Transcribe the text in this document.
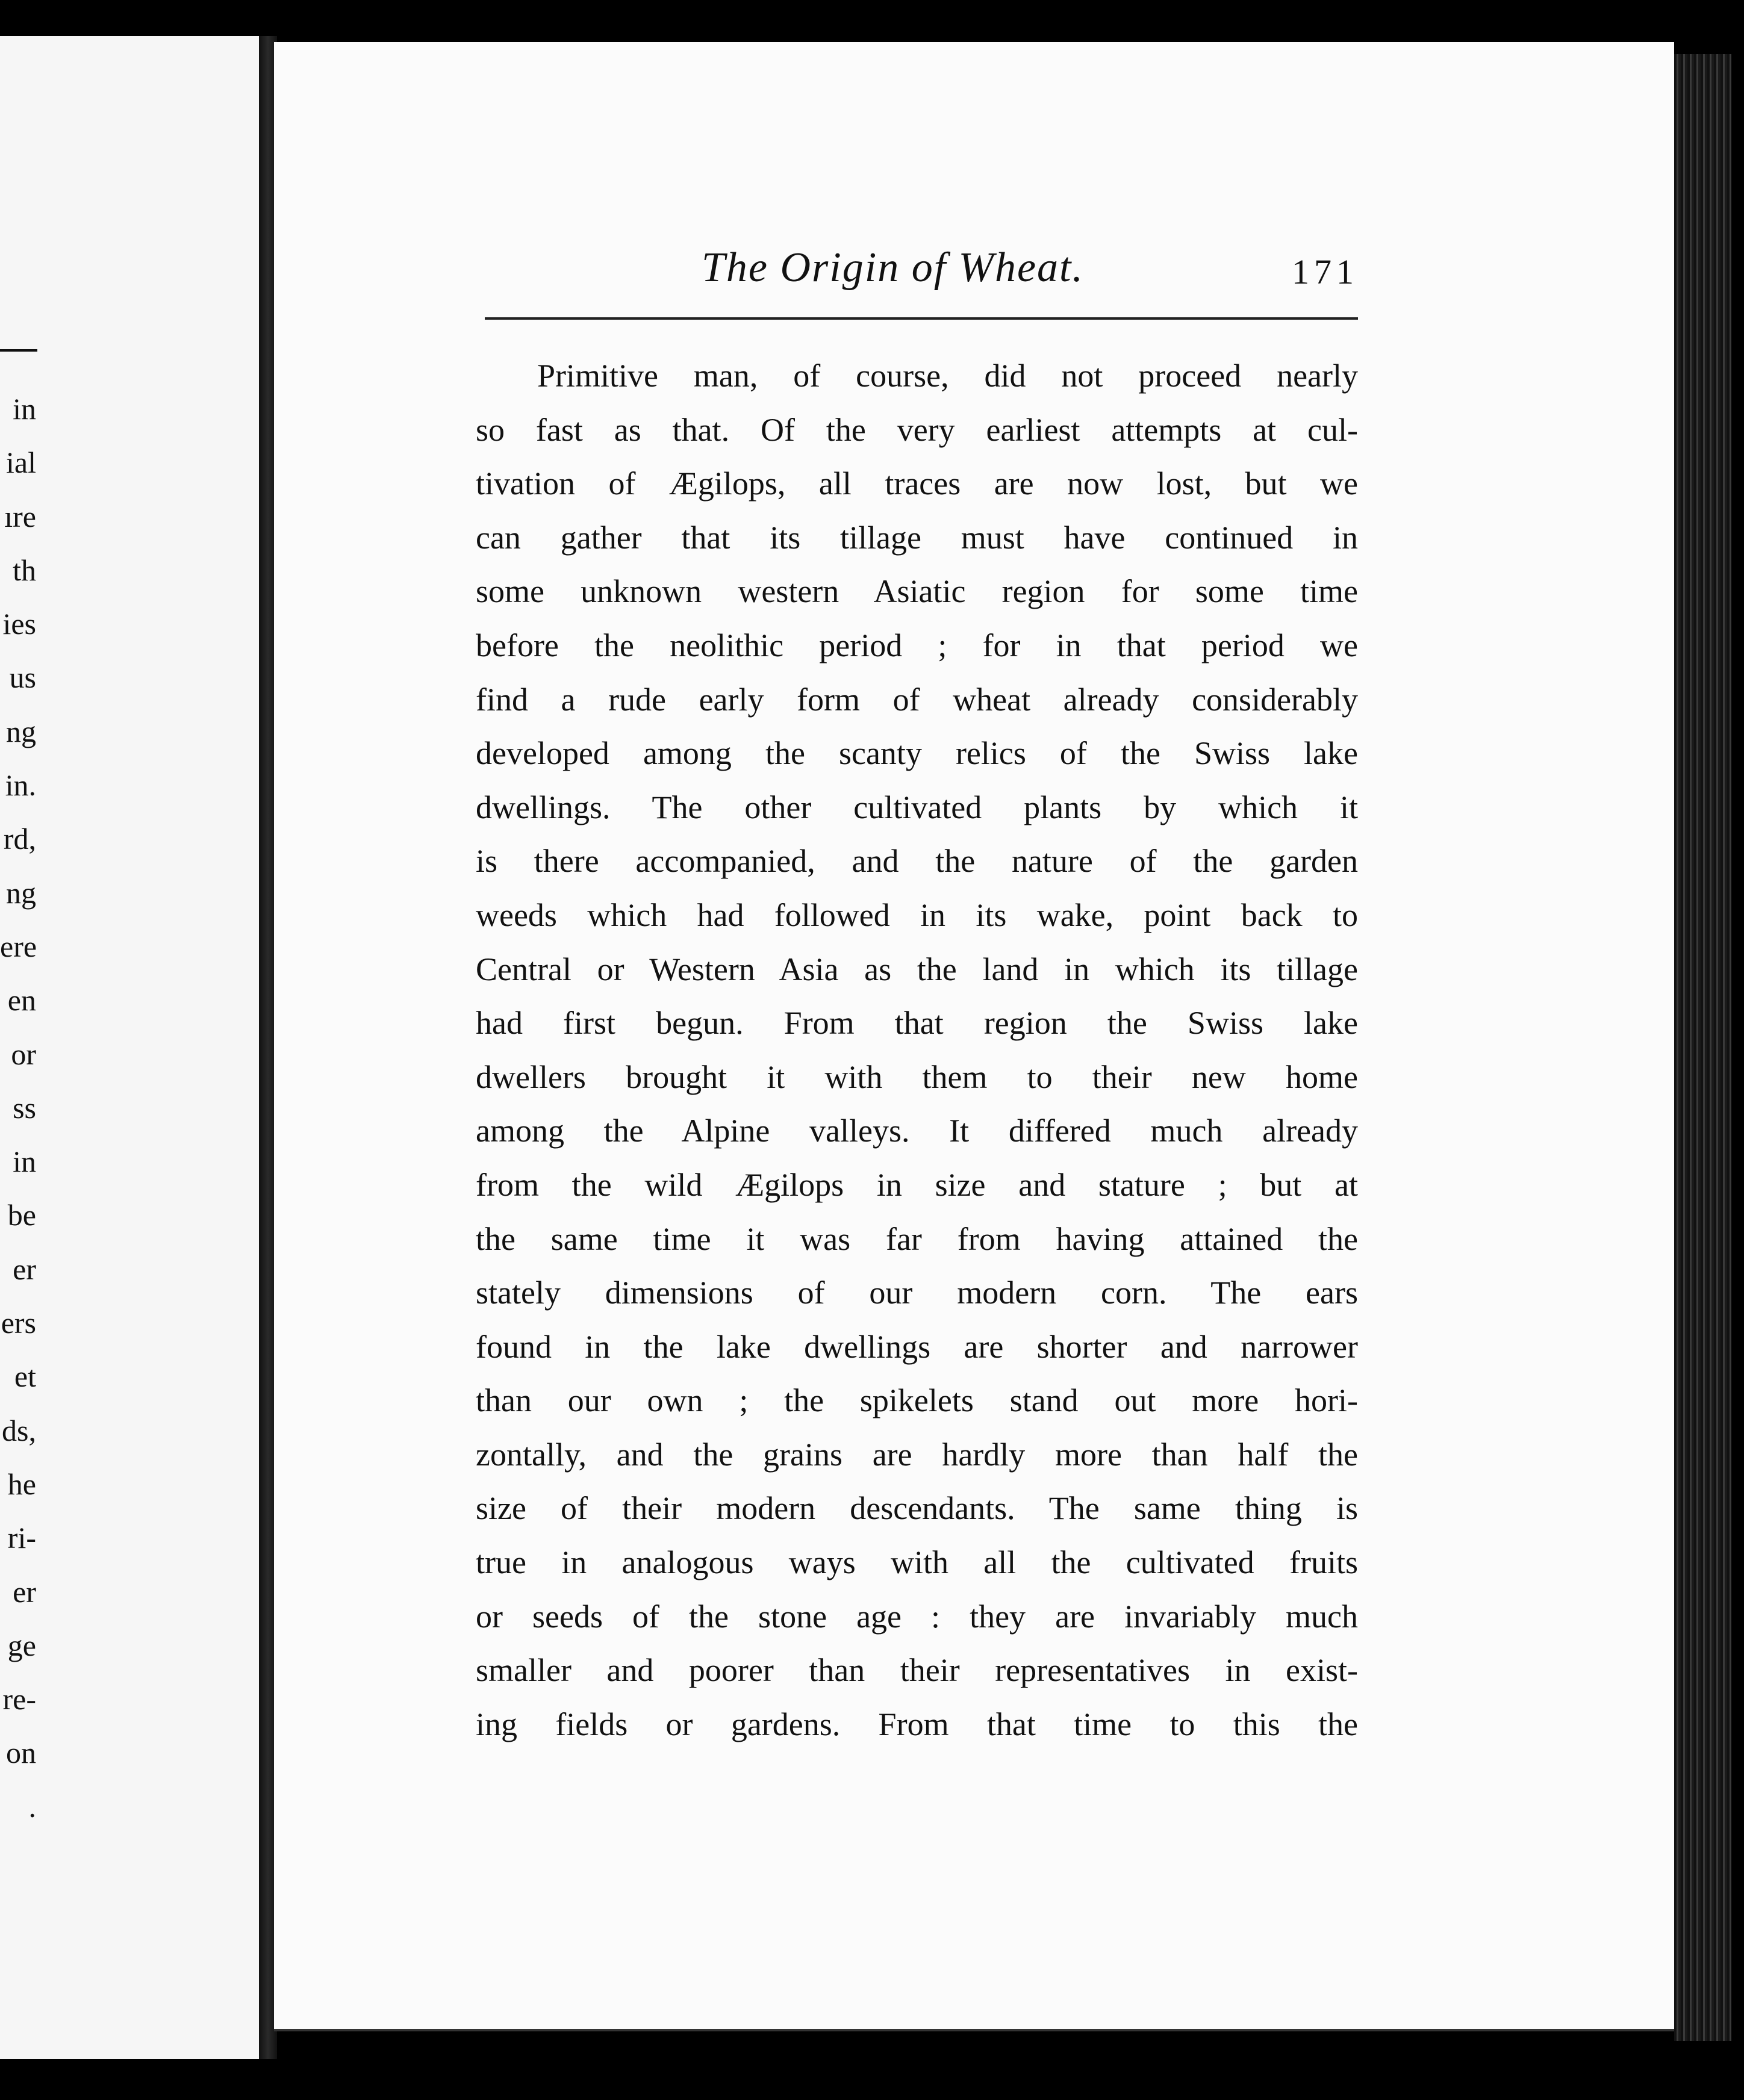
in
ial
ıre
th
ies
us
ng
in.
rd,
ng
ere
en
or
ss
in
be
er
ers
et
ds,
he
ri-
er
ge
re-
on
.
The Origin of Wheat.	171
Primitive man, of course, did not proceed nearly
so fast as that. Of the very earliest attempts at cul-
tivation of Ægilops, all traces are now lost, but we
can gather that its tillage must have continued in
some unknown western Asiatic region for some time
before the neolithic period ; for in that period we
find a rude early form of wheat already considerably
developed among the scanty relics of the Swiss lake
dwellings. The other cultivated plants by which it
is there accompanied, and the nature of the garden
weeds which had followed in its wake, point back to
Central or Western Asia as the land in which its tillage
had first begun. From that region the Swiss lake
dwellers brought it with them to their new home
among the Alpine valleys. It differed much already
from the wild Ægilops in size and stature ; but at
the same time it was far from having attained the
stately dimensions of our modern corn. The ears
found in the lake dwellings are shorter and narrower
than our own ; the spikelets stand out more hori-
zontally, and the grains are hardly more than half the
size of their modern descendants. The same thing is
true in analogous ways with all the cultivated fruits
or seeds of the stone age : they are invariably much
smaller and poorer than their representatives in exist-
ing fields or gardens. From that time to this the
